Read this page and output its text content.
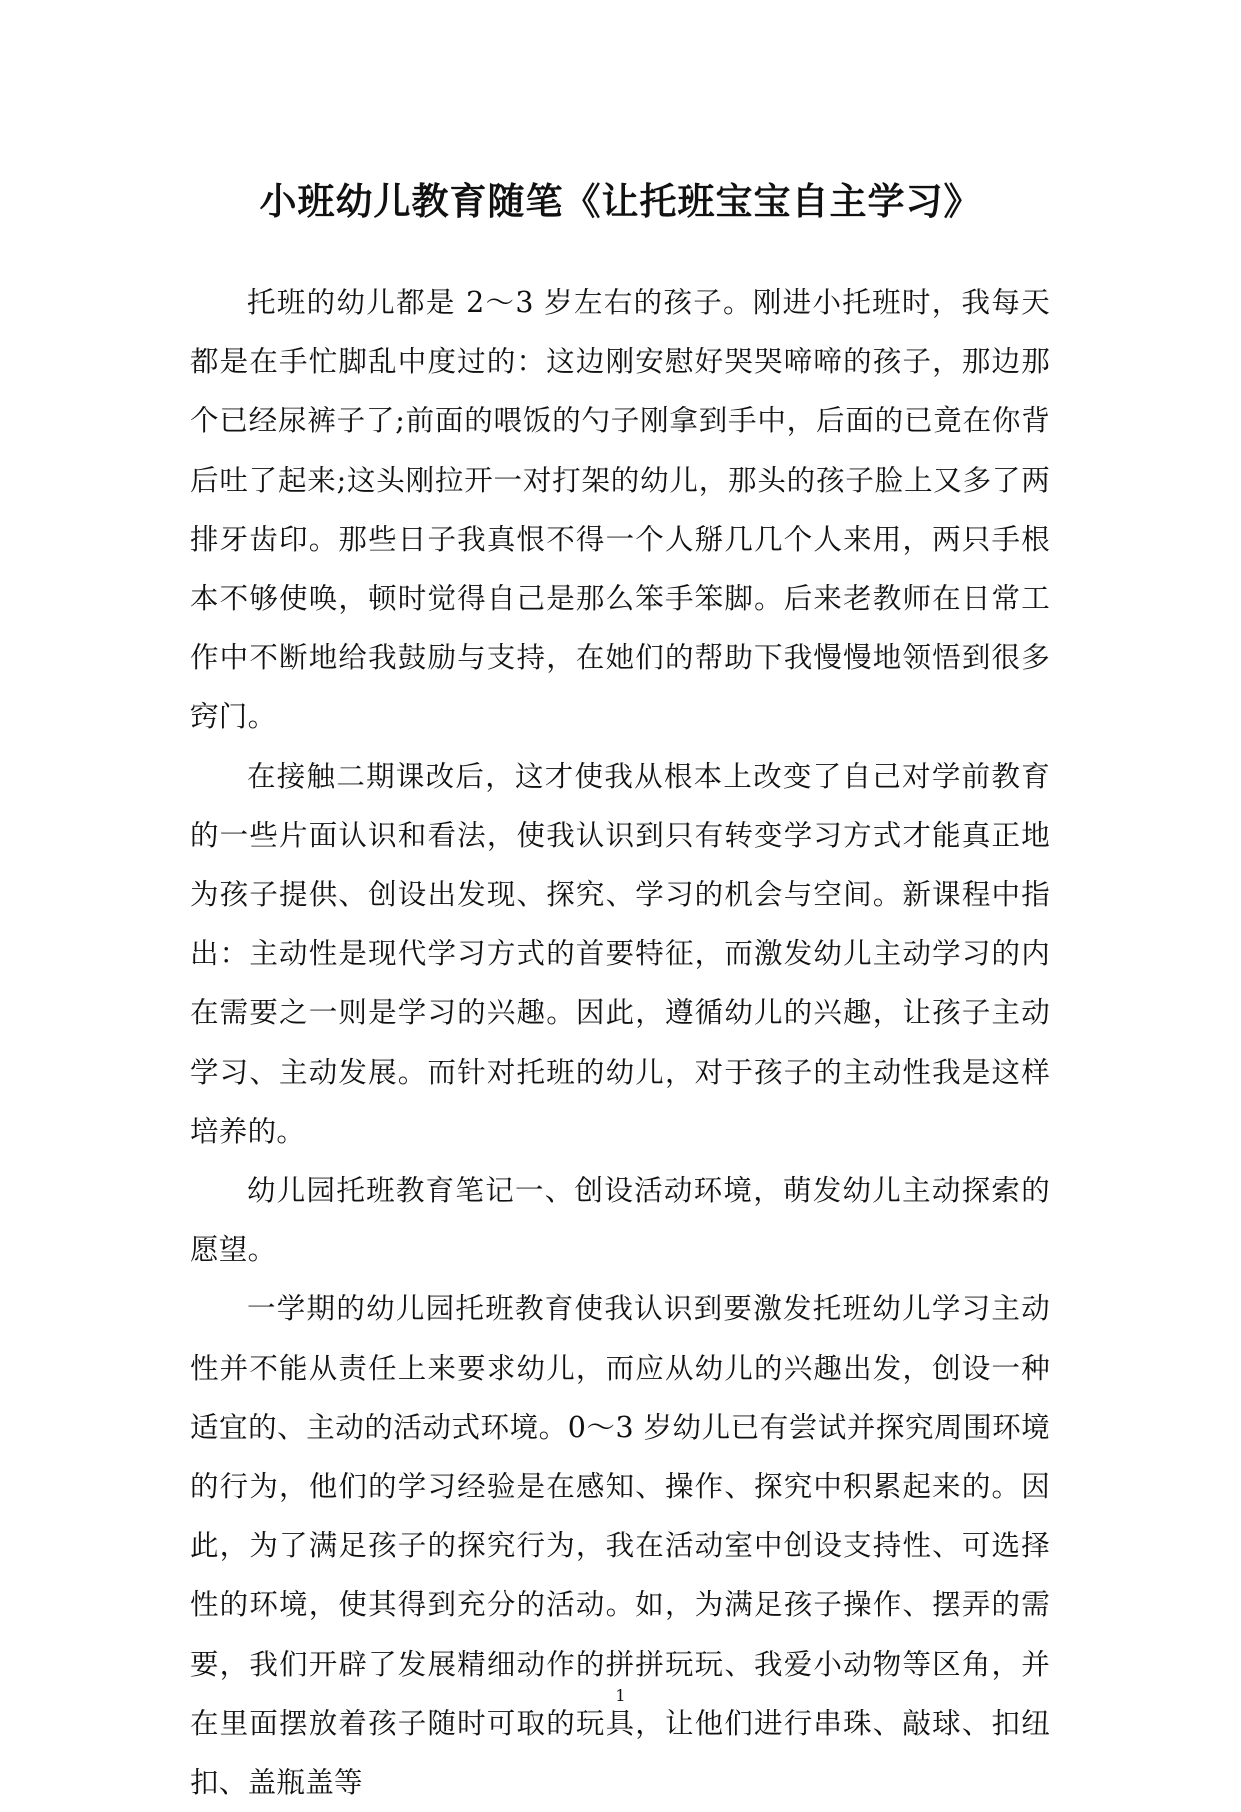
小班幼儿教育随笔《让托班宝宝自主学习》

托班的幼儿都是 2～3 岁左右的孩子。刚进小托班时，我每天都是在手忙脚乱中度过的：这边刚安慰好哭哭啼啼的孩子，那边那个已经尿裤子了;前面的喂饭的勺子刚拿到手中，后面的已竟在你背后吐了起来;这头刚拉开一对打架的幼儿，那头的孩子脸上又多了两排牙齿印。那些日子我真恨不得一个人掰几几个人来用，两只手根本不够使唤，顿时觉得自己是那么笨手笨脚。后来老教师在日常工作中不断地给我鼓励与支持，在她们的帮助下我慢慢地领悟到很多窍门。

在接触二期课改后，这才使我从根本上改变了自己对学前教育的一些片面认识和看法，使我认识到只有转变学习方式才能真正地为孩子提供、创设出发现、探究、学习的机会与空间。新课程中指出：主动性是现代学习方式的首要特征，而激发幼儿主动学习的内在需要之一则是学习的兴趣。因此，遵循幼儿的兴趣，让孩子主动学习、主动发展。而针对托班的幼儿，对于孩子的主动性我是这样培养的。

幼儿园托班教育笔记一、创设活动环境，萌发幼儿主动探索的愿望。

一学期的幼儿园托班教育使我认识到要激发托班幼儿学习主动性并不能从责任上来要求幼儿，而应从幼儿的兴趣出发，创设一种适宜的、主动的活动式环境。0～3 岁幼儿已有尝试并探究周围环境的行为，他们的学习经验是在感知、操作、探究中积累起来的。因此，为了满足孩子的探究行为，我在活动室中创设支持性、可选择性的环境，使其得到充分的活动。如，为满足孩子操作、摆弄的需要，我们开辟了发展精细动作的拼拼玩玩、我爱小动物等区角，并在里面摆放着孩子随时可取的玩具，让他们进行串珠、敲球、扣纽扣、盖瓶盖等

1
